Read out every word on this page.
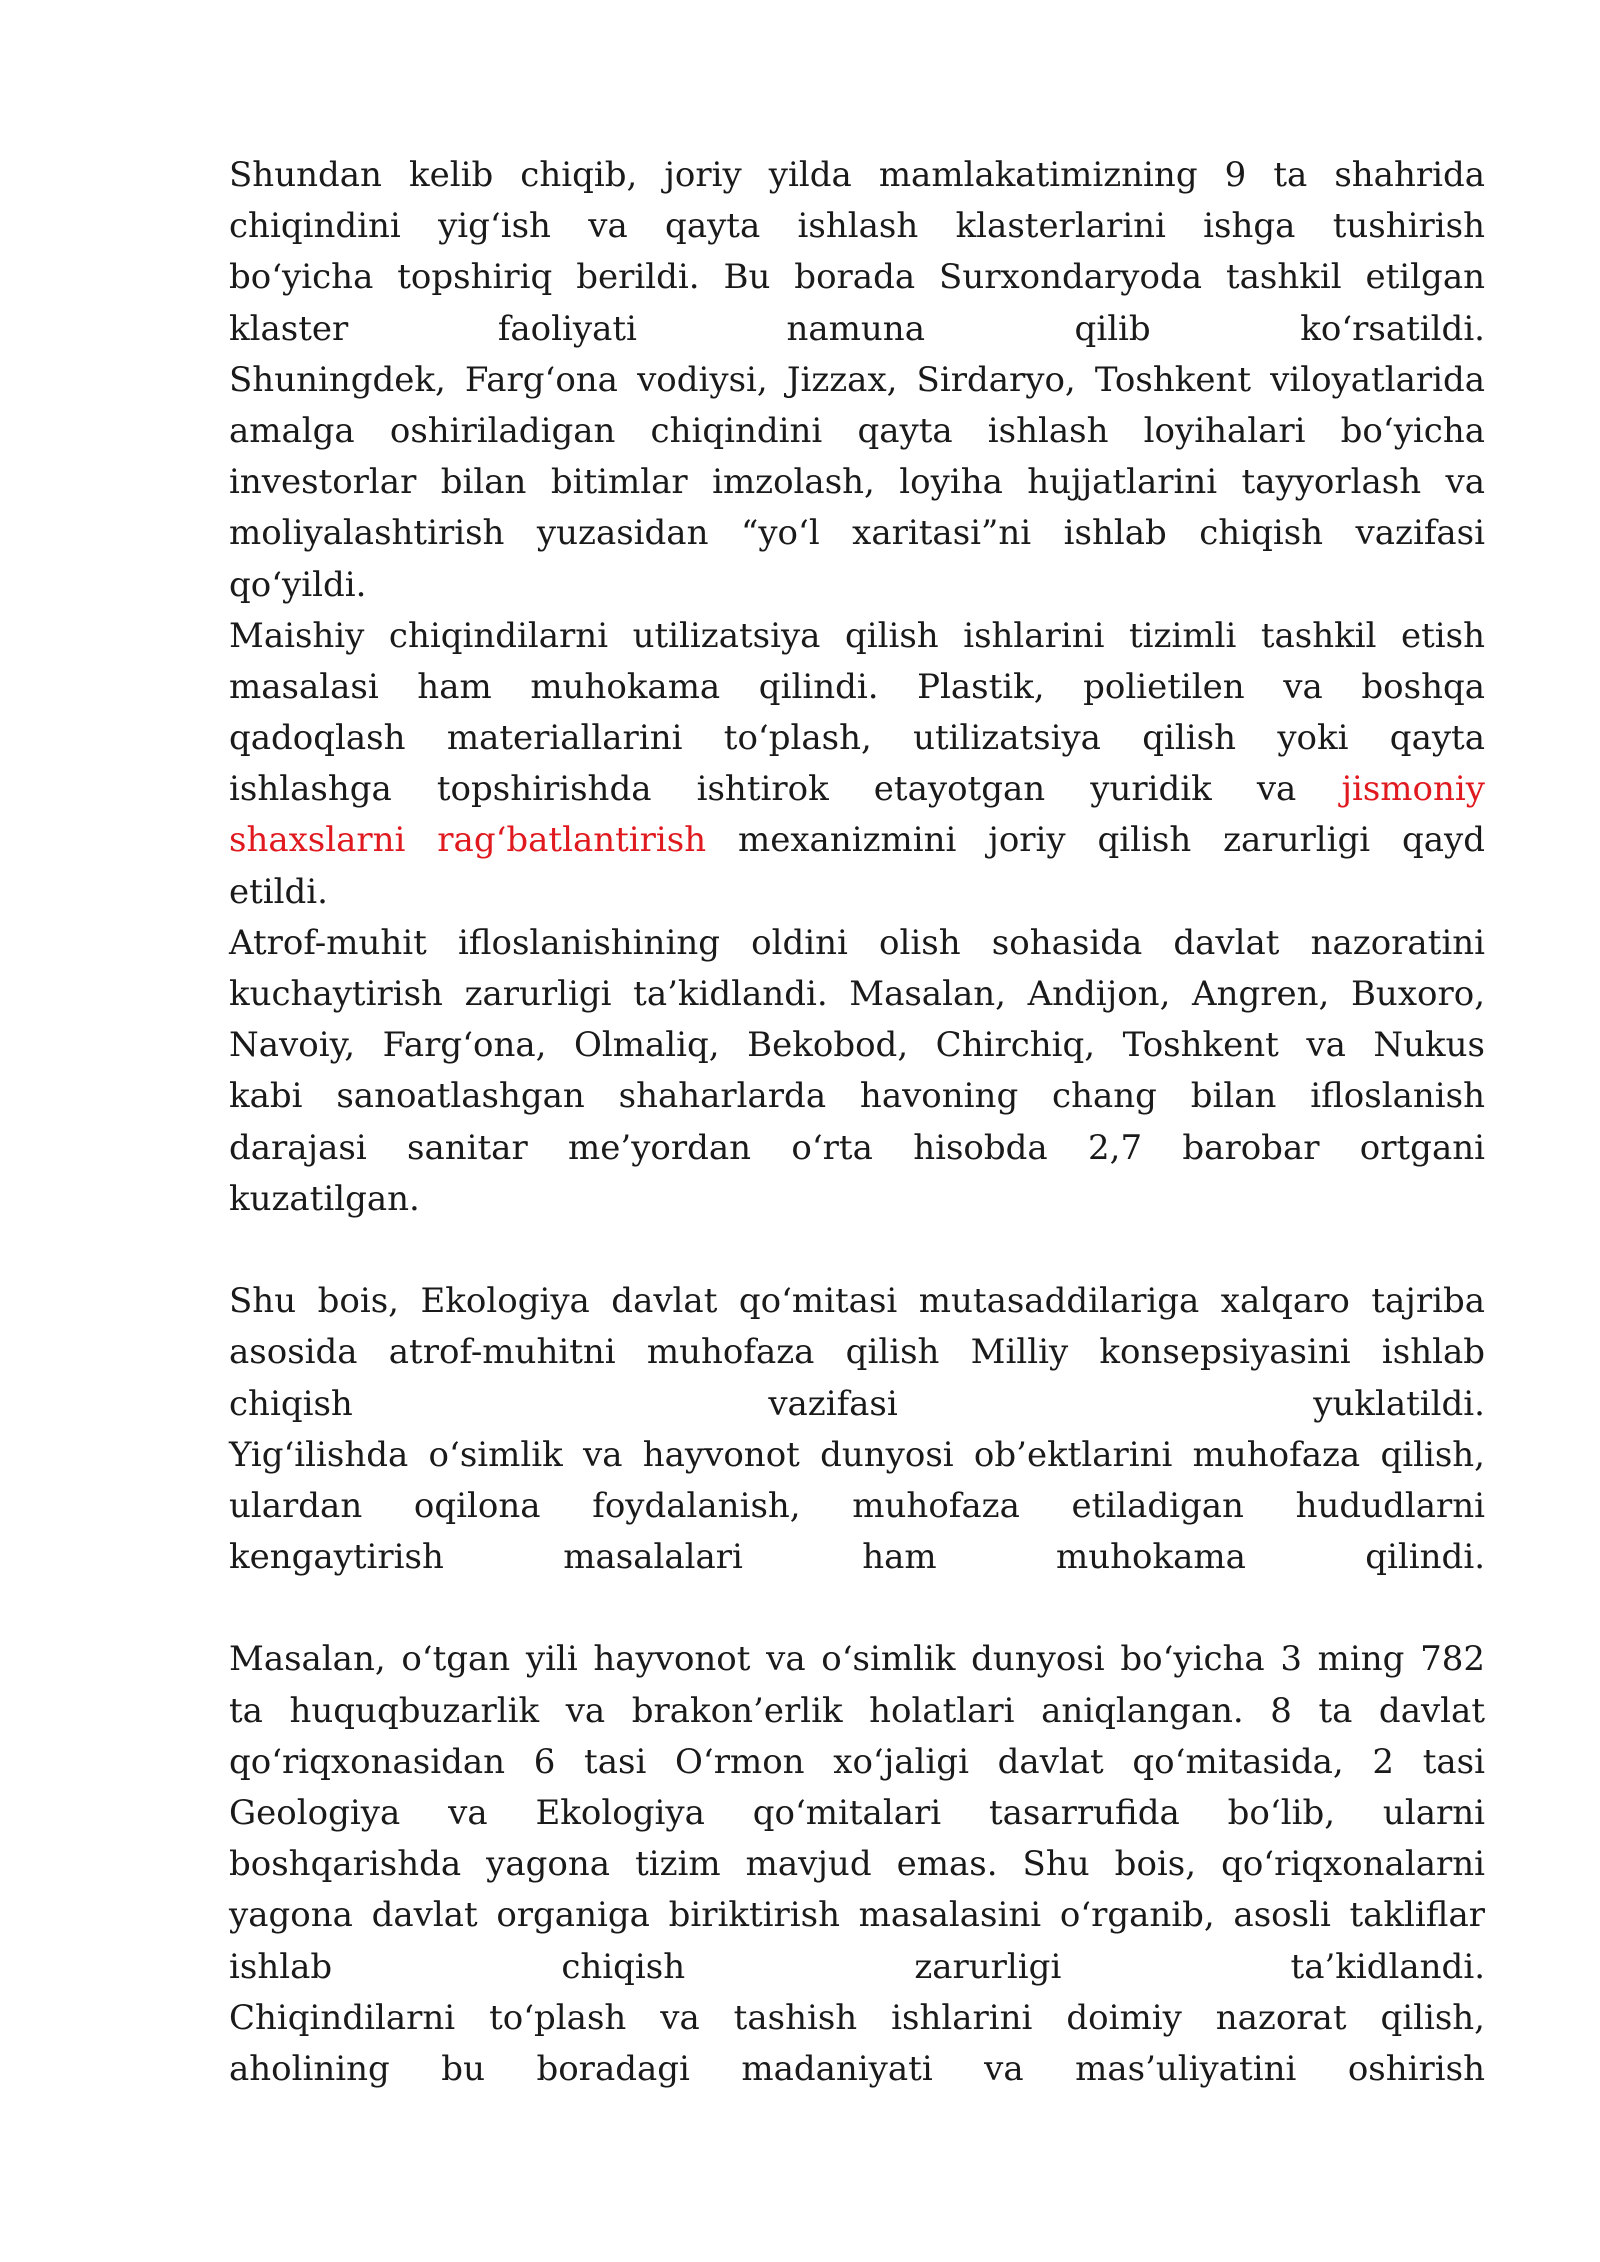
Shundan kelib chiqib, joriy yilda mamlakatimizning 9 ta shahrida
chiqindini yig‘ish va qayta ishlash klasterlarini ishga tushirish
bo‘yicha topshiriq berildi. Bu borada Surxondaryoda tashkil etilgan
klaster faoliyati namuna qilib ko‘rsatildi.
Shuningdek, Farg‘ona vodiysi, Jizzax, Sirdaryo, Toshkent viloyatlarida
amalga oshiriladigan chiqindini qayta ishlash loyihalari bo‘yicha
investorlar bilan bitimlar imzolash, loyiha hujjatlarini tayyorlash va
moliyalashtirish yuzasidan “yo‘l xaritasi”ni ishlab chiqish vazifasi
qo‘yildi.
Maishiy chiqindilarni utilizatsiya qilish ishlarini tizimli tashkil etish
masalasi ham muhokama qilindi. Plastik, polietilen va boshqa
qadoqlash materiallarini to‘plash, utilizatsiya qilish yoki qayta
ishlashga topshirishda ishtirok etayotgan yuridik va jismoniy
shaxslarni rag‘batlantirish mexanizmini joriy qilish zarurligi qayd
etildi.
Atrof-muhit ifloslanishining oldini olish sohasida davlat nazoratini
kuchaytirish zarurligi ta’kidlandi. Masalan, Andijon, Angren, Buxoro,
Navoiy, Farg‘ona, Olmaliq, Bekobod, Chirchiq, Toshkent va Nukus
kabi sanoatlashgan shaharlarda havoning chang bilan ifloslanish
darajasi sanitar me’yordan o‘rta hisobda 2,7 barobar ortgani
kuzatilgan.
Shu bois, Ekologiya davlat qo‘mitasi mutasaddilariga xalqaro tajriba
asosida atrof-muhitni muhofaza qilish Milliy konsepsiyasini ishlab
chiqish vazifasi yuklatildi.
Yig‘ilishda o‘simlik va hayvonot dunyosi ob’ektlarini muhofaza qilish,
ulardan oqilona foydalanish, muhofaza etiladigan hududlarni
kengaytirish masalalari ham muhokama qilindi.
Masalan, o‘tgan yili hayvonot va o‘simlik dunyosi bo‘yicha 3 ming 782
ta huquqbuzarlik va brakon’erlik holatlari aniqlangan. 8 ta davlat
qo‘riqxonasidan 6 tasi O‘rmon xo‘jaligi davlat qo‘mitasida, 2 tasi
Geologiya va Ekologiya qo‘mitalari tasarrufida bo‘lib, ularni
boshqarishda yagona tizim mavjud emas. Shu bois, qo‘riqxonalarni
yagona davlat organiga biriktirish masalasini o‘rganib, asosli takliflar
ishlab chiqish zarurligi ta’kidlandi.
Chiqindilarni to‘plash va tashish ishlarini doimiy nazorat qilish,
aholining bu boradagi madaniyati va mas’uliyatini oshirish
